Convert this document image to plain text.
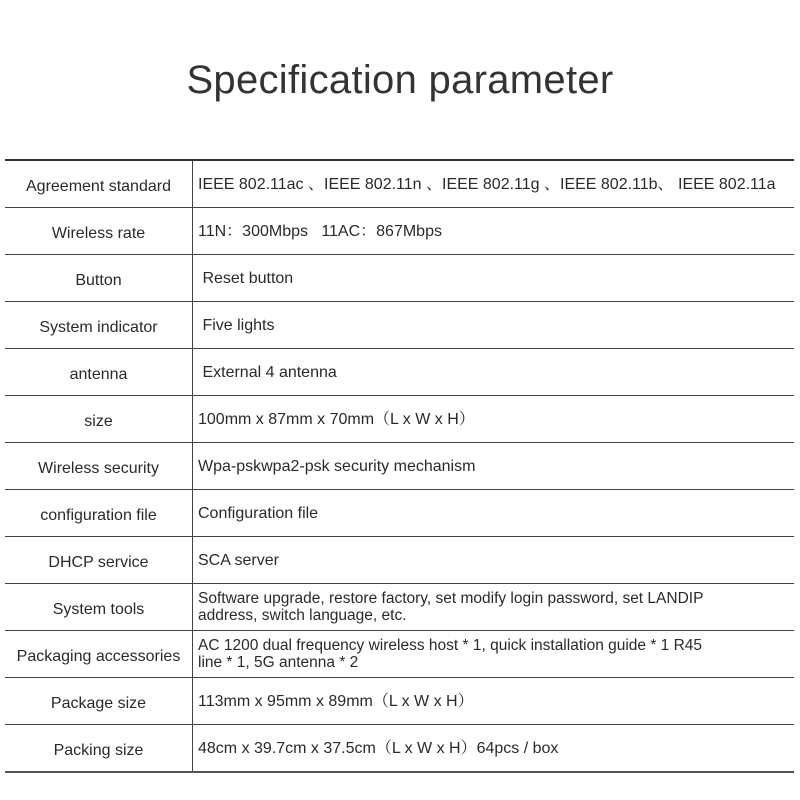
Specification parameter
Agreement standard	IEEE 802.11ac 、IEEE 802.11n 、IEEE 802.11g 、IEEE 802.11b、 IEEE 802.11a
Wireless rate	11N：300Mbps   11AC：867Mbps
Button	Reset button
System indicator	Five lights
antenna	External 4 antenna
size	100mm x 87mm x 70mm（L x W x H）
Wireless security	Wpa-pskwpa2-psk security mechanism
configuration file	Configuration file
DHCP service	SCA server
System tools	Software upgrade, restore factory, set modify login password, set LANDIP address, switch language, etc.
Packaging accessories	AC 1200 dual frequency wireless host * 1, quick installation guide * 1 R45 line * 1, 5G antenna * 2
Package size	113mm x 95mm x 89mm（L x W x H）
Packing size	48cm x 39.7cm x 37.5cm（L x W x H）64pcs / box
